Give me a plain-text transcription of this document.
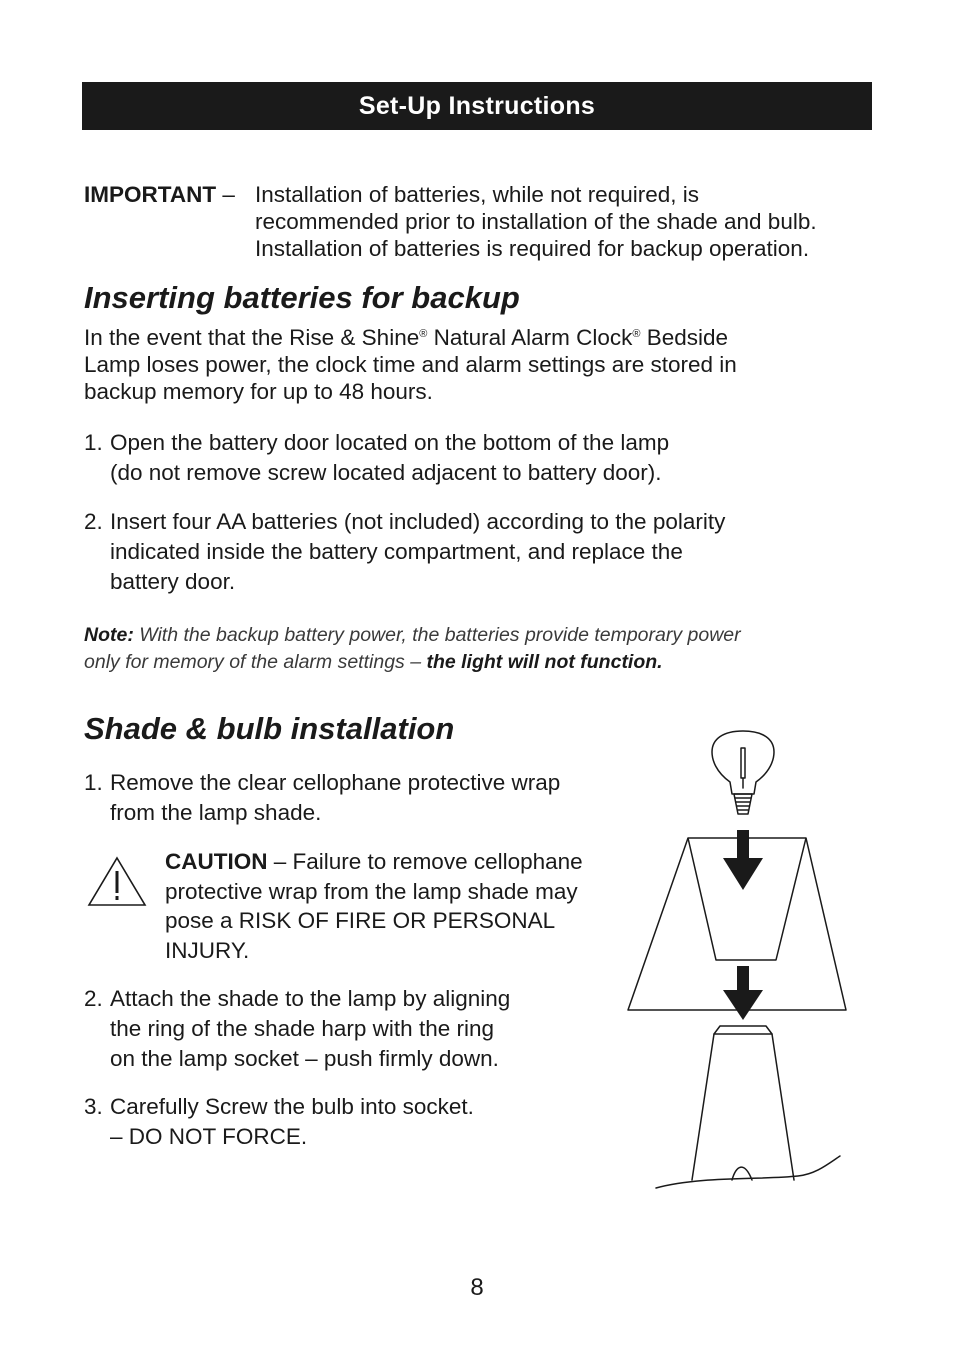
Set-Up Instructions
IMPORTANT – Installation of batteries, while not required, is
recommended prior to installation of the shade and bulb.
Installation of batteries is required for backup operation.
Inserting batteries for backup
In the event that the Rise & Shine® Natural Alarm Clock® Bedside
Lamp loses power, the clock time and alarm settings are stored in
backup memory for up to 48 hours.
1. Open the battery door located on the bottom of the lamp
(do not remove screw located adjacent to battery door).
2. Insert four AA batteries (not included) according to the polarity
indicated inside the battery compartment, and replace the
battery door.
Note: With the backup battery power, the batteries provide temporary power
only for memory of the alarm settings – the light will not function.
Shade & bulb installation
1. Remove the clear cellophane protective wrap
from the lamp shade.
CAUTION – Failure to remove cellophane
protective wrap from the lamp shade may
pose a RISK OF FIRE OR PERSONAL
INJURY.
2. Attach the shade to the lamp by aligning
the ring of the shade harp with the ring
on the lamp socket – push firmly down.
3. Carefully Screw the bulb into socket.
– DO NOT FORCE.
8
